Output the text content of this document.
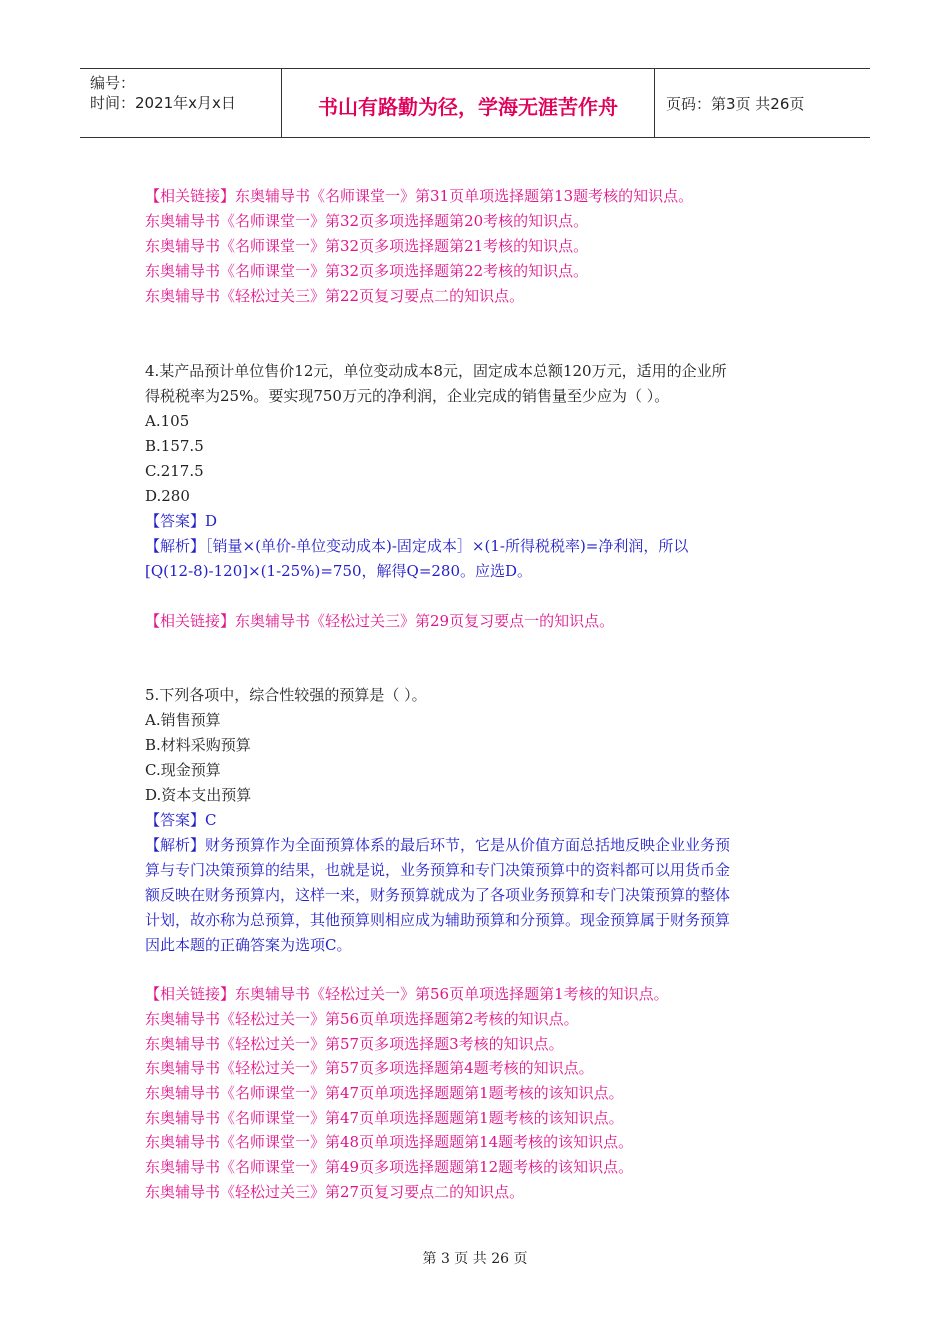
编号：
时间：2021年x月x日	书山有路勤为径，学海无涯苦作舟	页码：第3页 共26页
【相关链接】东奥辅导书《名师课堂一》第31页单项选择题第13题考核的知识点。
东奥辅导书《名师课堂一》第32页多项选择题第20考核的知识点。
东奥辅导书《名师课堂一》第32页多项选择题第21考核的知识点。
东奥辅导书《名师课堂一》第32页多项选择题第22考核的知识点。
东奥辅导书《轻松过关三》第22页复习要点二的知识点。
4.某产品预计单位售价12元，单位变动成本8元，固定成本总额120万元，适用的企业所
得税税率为25%。要实现750万元的净利润，企业完成的销售量至少应为（ ）。
A.105
B.157.5
C.217.5
D.280
【答案】D
【解析】［销量×(单价-单位变动成本)-固定成本］×(1-所得税税率)=净利润，所以
[Q(12-8)-120]×(1-25%)=750，解得Q=280。应选D。
【相关链接】东奥辅导书《轻松过关三》第29页复习要点一的知识点。
5.下列各项中，综合性较强的预算是（ ）。
A.销售预算
B.材料采购预算
C.现金预算
D.资本支出预算
【答案】C
【解析】财务预算作为全面预算体系的最后环节，它是从价值方面总括地反映企业业务预
算与专门决策预算的结果，也就是说，业务预算和专门决策预算中的资料都可以用货币金
额反映在财务预算内，这样一来，财务预算就成为了各项业务预算和专门决策预算的整体
计划，故亦称为总预算，其他预算则相应成为辅助预算和分预算。现金预算属于财务预算
因此本题的正确答案为选项C。
【相关链接】东奥辅导书《轻松过关一》第56页单项选择题第1考核的知识点。
东奥辅导书《轻松过关一》第56页单项选择题第2考核的知识点。
东奥辅导书《轻松过关一》第57页多项选择题3考核的知识点。
东奥辅导书《轻松过关一》第57页多项选择题第4题考核的知识点。
东奥辅导书《名师课堂一》第47页单项选择题题第1题考核的该知识点。
东奥辅导书《名师课堂一》第47页单项选择题题第1题考核的该知识点。
东奥辅导书《名师课堂一》第48页单项选择题题第14题考核的该知识点。
东奥辅导书《名师课堂一》第49页多项选择题题第12题考核的该知识点。
东奥辅导书《轻松过关三》第27页复习要点二的知识点。
第 3 页 共 26 页
